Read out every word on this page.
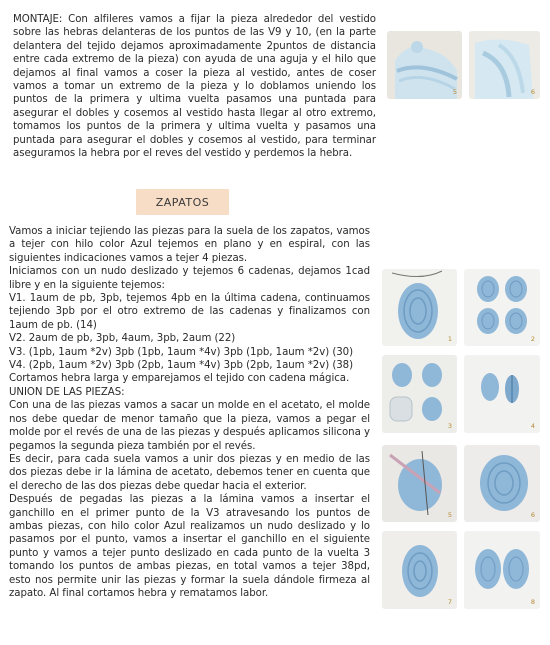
MONTAJE: Con alfileres vamos a fijar la pieza alrededor del vestido sobre las hebras delanteras de los puntos de las V9 y 10, (en la parte delantera del tejido dejamos aproximadamente 2puntos de distancia entre cada extremo de la pieza) con ayuda de una aguja y el hilo que dejamos al final vamos a coser la pieza al vestido, antes de coser vamos a tomar un extremo de la pieza y lo doblamos uniendo los puntos de la primera y ultima vuelta pasamos una puntada para asegurar el dobles y cosemos al vestido hasta llegar al otro extremo, tomamos los puntos de la primera y ultima vuelta y pasamos una puntada para asegurar el dobles y cosemos al vestido, para terminar aseguramos la hebra por el reves del vestido y perdemos la hebra.

ZAPATOS

Vamos a iniciar tejiendo las piezas para la suela de los zapatos, vamos a tejer con hilo color Azul tejemos en plano y en espiral, con las siguientes indicaciones vamos a tejer 4 piezas.

Iniciamos con un nudo deslizado y tejemos 6 cadenas, dejamos 1cad libre y en la siguiente tejemos:

V1. 1aum de pb, 3pb, tejemos 4pb en la última cadena, continuamos tejiendo 3pb por el otro extremo de las cadenas y finalizamos con 1aum de pb. (14)

V2. 2aum de pb, 3pb, 4aum, 3pb, 2aum (22)

V3. (1pb, 1aum *2v) 3pb (1pb, 1aum *4v) 3pb (1pb, 1aum *2v) (30)

V4. (2pb, 1aum *2v) 3pb (2pb, 1aum *4v) 3pb (2pb, 1aum *2v) (38)

Cortamos hebra larga y emparejamos el tejido con cadena mágica.

UNION DE LAS PIEZAS:

Con una de las piezas vamos a sacar un molde en el acetato, el molde nos debe quedar de menor tamaño que la pieza, vamos a pegar el molde por el revés de una de las piezas y después aplicamos silicona y pegamos la segunda pieza también por el revés.

Es decir, para cada suela vamos a unir dos piezas y en medio de las dos piezas debe ir la lámina de acetato, debemos tener en cuenta que el derecho de las dos piezas debe quedar hacia el exterior.

Después de pegadas las piezas a la lámina vamos a insertar el ganchillo en el primer punto de la V3 atravesando los puntos de ambas piezas, con hilo color Azul realizamos un nudo deslizado y lo pasamos por el punto, vamos a insertar el ganchillo en el siguiente punto y vamos a tejer punto deslizado en cada punto de la vuelta 3 tomando los puntos de ambas piezas, en total vamos a tejer 38pd, esto nos permite unir las piezas y formar la suela dándole firmeza al zapato. Al final cortamos hebra y rematamos labor.

5	6
1	2
3	4
5	6
7	8
